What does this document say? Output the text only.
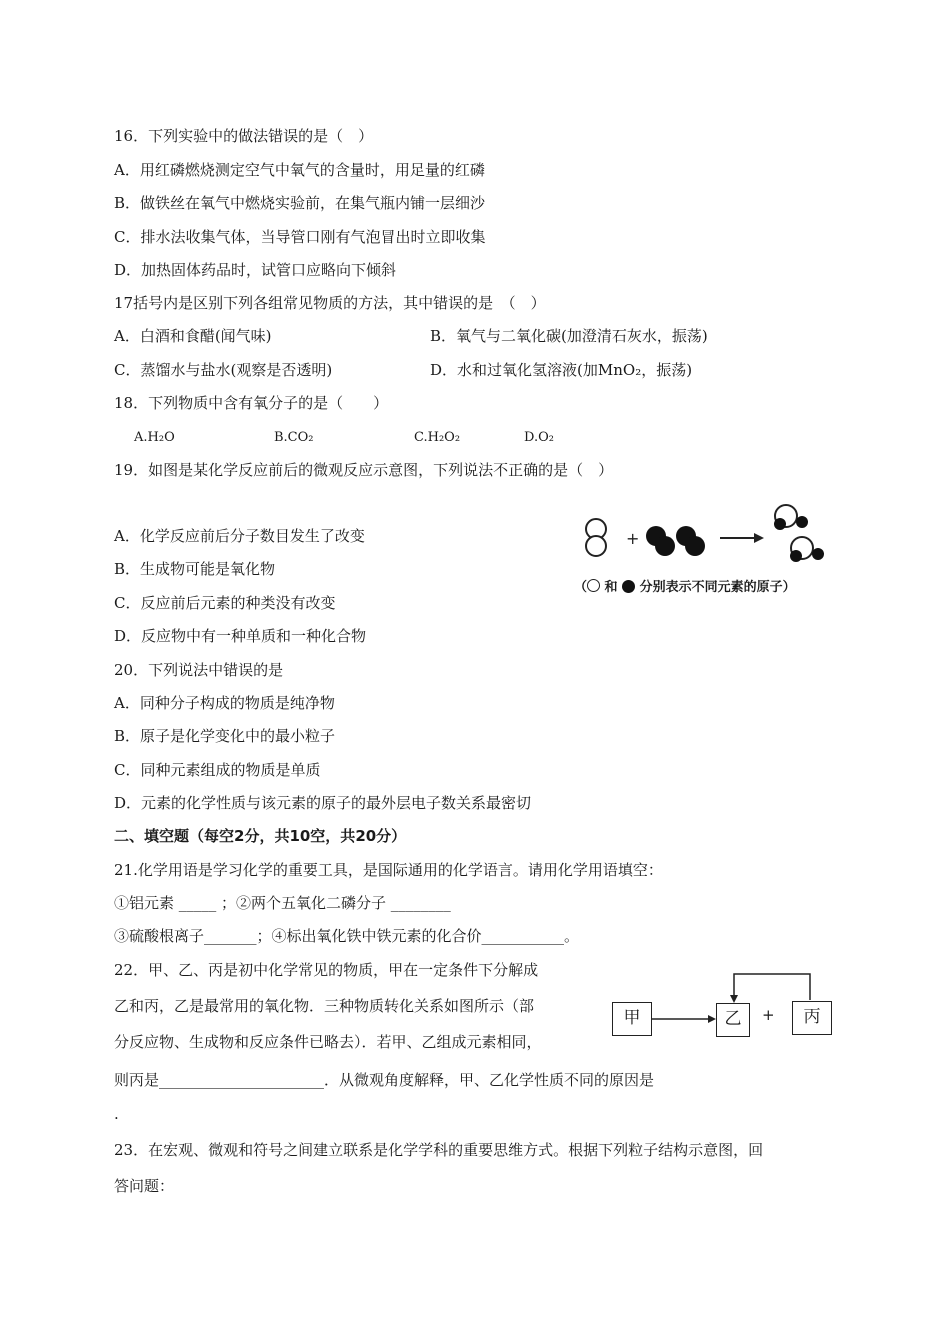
16．下列实验中的做法错误的是（　）
A．用红磷燃烧测定空气中氧气的含量时，用足量的红磷
B．做铁丝在氧气中燃烧实验前，在集气瓶内铺一层细沙
C．排水法收集气体，当导管口刚有气泡冒出时立即收集
D．加热固体药品时，试管口应略向下倾斜
17括号内是区别下列各组常见物质的方法，其中错误的是　（　）
A．白酒和食醋(闻气味)	B．氧气与二氧化碳(加澄清石灰水，振荡)
C．蒸馏水与盐水(观察是否透明)	D．水和过氧化氢溶液(加MnO₂，振荡)
18．下列物质中含有氧分子的是（　　）
A.H₂O	B.CO₂	C.H₂O₂	D.O₂
19．如图是某化学反应前后的微观反应示意图，下列说法不正确的是（　）
A．化学反应前后分子数目发生了改变
B．生成物可能是氧化物
C．反应前后元素的种类没有改变
D．反应物中有一种单质和一种化合物
+
（ 和 分别表示不同元素的原子）
20．下列说法中错误的是
A．同种分子构成的物质是纯净物
B．原子是化学变化中的最小粒子
C．同种元素组成的物质是单质
D．元素的化学性质与该元素的原子的最外层电子数关系最密切
二、填空题（每空2分，共10空，共20分）
21.化学用语是学习化学的重要工具，是国际通用的化学语言。请用化学用语填空：
①铝元素 _____ ；②两个五氧化二磷分子 ________
③硫酸根离子_______；④标出氧化铁中铁元素的化合价___________。
22．甲、乙、丙是初中化学常见的物质，甲在一定条件下分解成
乙和丙，乙是最常用的氧化物．三种物质转化关系如图所示（部
分反应物、生成物和反应条件已略去）．若甲、乙组成元素相同，
则丙是______________________．从微观角度解释，甲、乙化学性质不同的原因是
.
甲	乙	+	丙
23．在宏观、微观和符号之间建立联系是化学学科的重要思维方式。根据下列粒子结构示意图，回
答问题：
